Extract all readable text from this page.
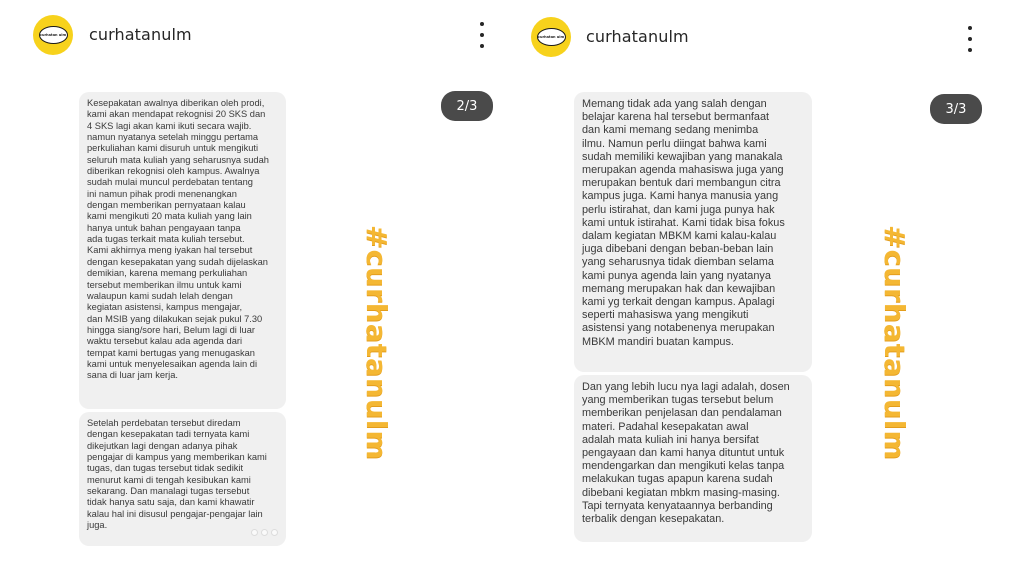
curhatan ulm curhatanulm

Kesepakatan awalnya diberikan oleh prodi,
kami akan mendapat rekognisi 20 SKS dan
4 SKS lagi akan kami ikuti secara wajib.
namun nyatanya setelah minggu pertama
perkuliahan kami disuruh untuk mengikuti
seluruh mata kuliah yang seharusnya sudah
diberikan rekognisi oleh kampus. Awalnya
sudah mulai muncul perdebatan tentang
ini namun pihak prodi menenangkan
dengan memberikan pernyataan kalau
kami mengikuti 20 mata kuliah yang lain
hanya untuk bahan pengayaan tanpa
ada tugas terkait mata kuliah tersebut.
Kami akhirnya meng iyakan hal tersebut
dengan kesepakatan yang sudah dijelaskan
demikian, karena memang perkuliahan
tersebut memberikan ilmu untuk kami
walaupun kami sudah lelah dengan
kegiatan asistensi, kampus mengajar,
dan MSIB yang dilakukan sejak pukul 7.30
hingga siang/sore hari, Belum lagi di luar
waktu tersebut kalau ada agenda dari
tempat kami bertugas yang menugaskan
kami untuk menyelesaikan agenda lain di
sana di luar jam kerja.

Setelah perdebatan tersebut diredam
dengan kesepakatan tadi ternyata kami
dikejutkan lagi dengan adanya pihak
pengajar di kampus yang memberikan kami
tugas, dan tugas tersebut tidak sedikit
menurut kami di tengah kesibukan kami
sekarang. Dan manalagi tugas tersebut
tidak hanya satu saja, dan kami khawatir
kalau hal ini disusul pengajar-pengajar lain
juga.

2/3
#curhatanulm
curhatan ulm curhatanulm

Memang tidak ada yang salah dengan
belajar karena hal tersebut bermanfaat
dan kami memang sedang menimba
ilmu. Namun perlu diingat bahwa kami
sudah memiliki kewajiban yang manakala
merupakan agenda mahasiswa juga yang
merupakan bentuk dari membangun citra
kampus juga. Kami hanya manusia yang
perlu istirahat, dan kami juga punya hak
kami untuk istirahat. Kami tidak bisa fokus
dalam kegiatan MBKM kami kalau-kalau
juga dibebani dengan beban-beban lain
yang seharusnya tidak diemban selama
kami punya agenda lain yang nyatanya
memang merupakan hak dan kewajiban
kami yg terkait dengan kampus. Apalagi
seperti mahasiswa yang mengikuti
asistensi yang notabenenya merupakan
MBKM mandiri buatan kampus.

Dan yang lebih lucu nya lagi adalah, dosen
yang memberikan tugas tersebut belum
memberikan penjelasan dan pendalaman
materi. Padahal kesepakatan awal
adalah mata kuliah ini hanya bersifat
pengayaan dan kami hanya dituntut untuk
mendengarkan dan mengikuti kelas tanpa
melakukan tugas apapun karena sudah
dibebani kegiatan mbkm masing-masing.
Tapi ternyata kenyataannya berbanding
terbalik dengan kesepakatan.

3/3
#curhatanulm
